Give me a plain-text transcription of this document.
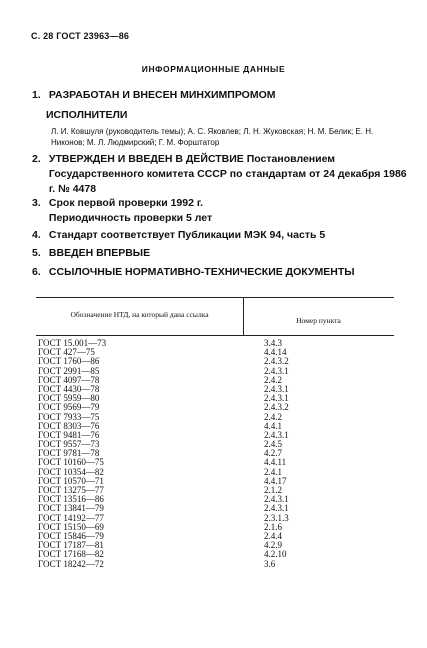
С. 28 ГОСТ 23963—86
ИНФОРМАЦИОННЫЕ ДАННЫЕ
1. РАЗРАБОТАН И ВНЕСЕН МИНХИМПРОМОМ
ИСПОЛНИТЕЛИ
Л. И. Ковшуля (руководитель темы); А. С. Яковлев; Л. Н. Жуковская; Н. М. Белик; Е. Н. Никонов; М. Л. Людмирский; Г. М. Форштатор
2. УТВЕРЖДЕН И ВВЕДЕН В ДЕЙСТВИЕ Постановлением Государственного комитета СССР по стандартам от 24 декабря 1986 г. № 4478
3. Срок первой проверки 1992 г. Периодичность проверки 5 лет
4. Стандарт соответствует Публикации МЭК 94, часть 5
5. ВВЕДЕН ВПЕРВЫЕ
6. ССЫЛОЧНЫЕ НОРМАТИВНО-ТЕХНИЧЕСКИЕ ДОКУМЕНТЫ
Обозначение НТД, на который дана ссылка
Номер пункта
ГОСТ 15.001—73	3.4.3
ГОСТ 427—75	4.4.14
ГОСТ 1760—86	2.4.3.2
ГОСТ 2991—85	2.4.3.1
ГОСТ 4097—78	2.4.2
ГОСТ 4430—78	2.4.3.1
ГОСТ 5959—80	2.4.3.1
ГОСТ 9569—79	2.4.3.2
ГОСТ 7933—75	2.4.2
ГОСТ 8303—76	4.4.1
ГОСТ 9481—76	2.4.3.1
ГОСТ 9557—73	2.4.5
ГОСТ 9781—78	4.2.7
ГОСТ 10160—75	4.4.11
ГОСТ 10354—82	2.4.1
ГОСТ 10570—71	4.4.17
ГОСТ 13275—77	2.1.2
ГОСТ 13516—86	2.4.3.1
ГОСТ 13841—79	2.4.3.1
ГОСТ 14192—77	2.3.1.3
ГОСТ 15150—69	2.1.6
ГОСТ 15846—79	2.4.4
ГОСТ 17187—81	4.2.9
ГОСТ 17168—82	4.2.10
ГОСТ 18242—72	3.6
